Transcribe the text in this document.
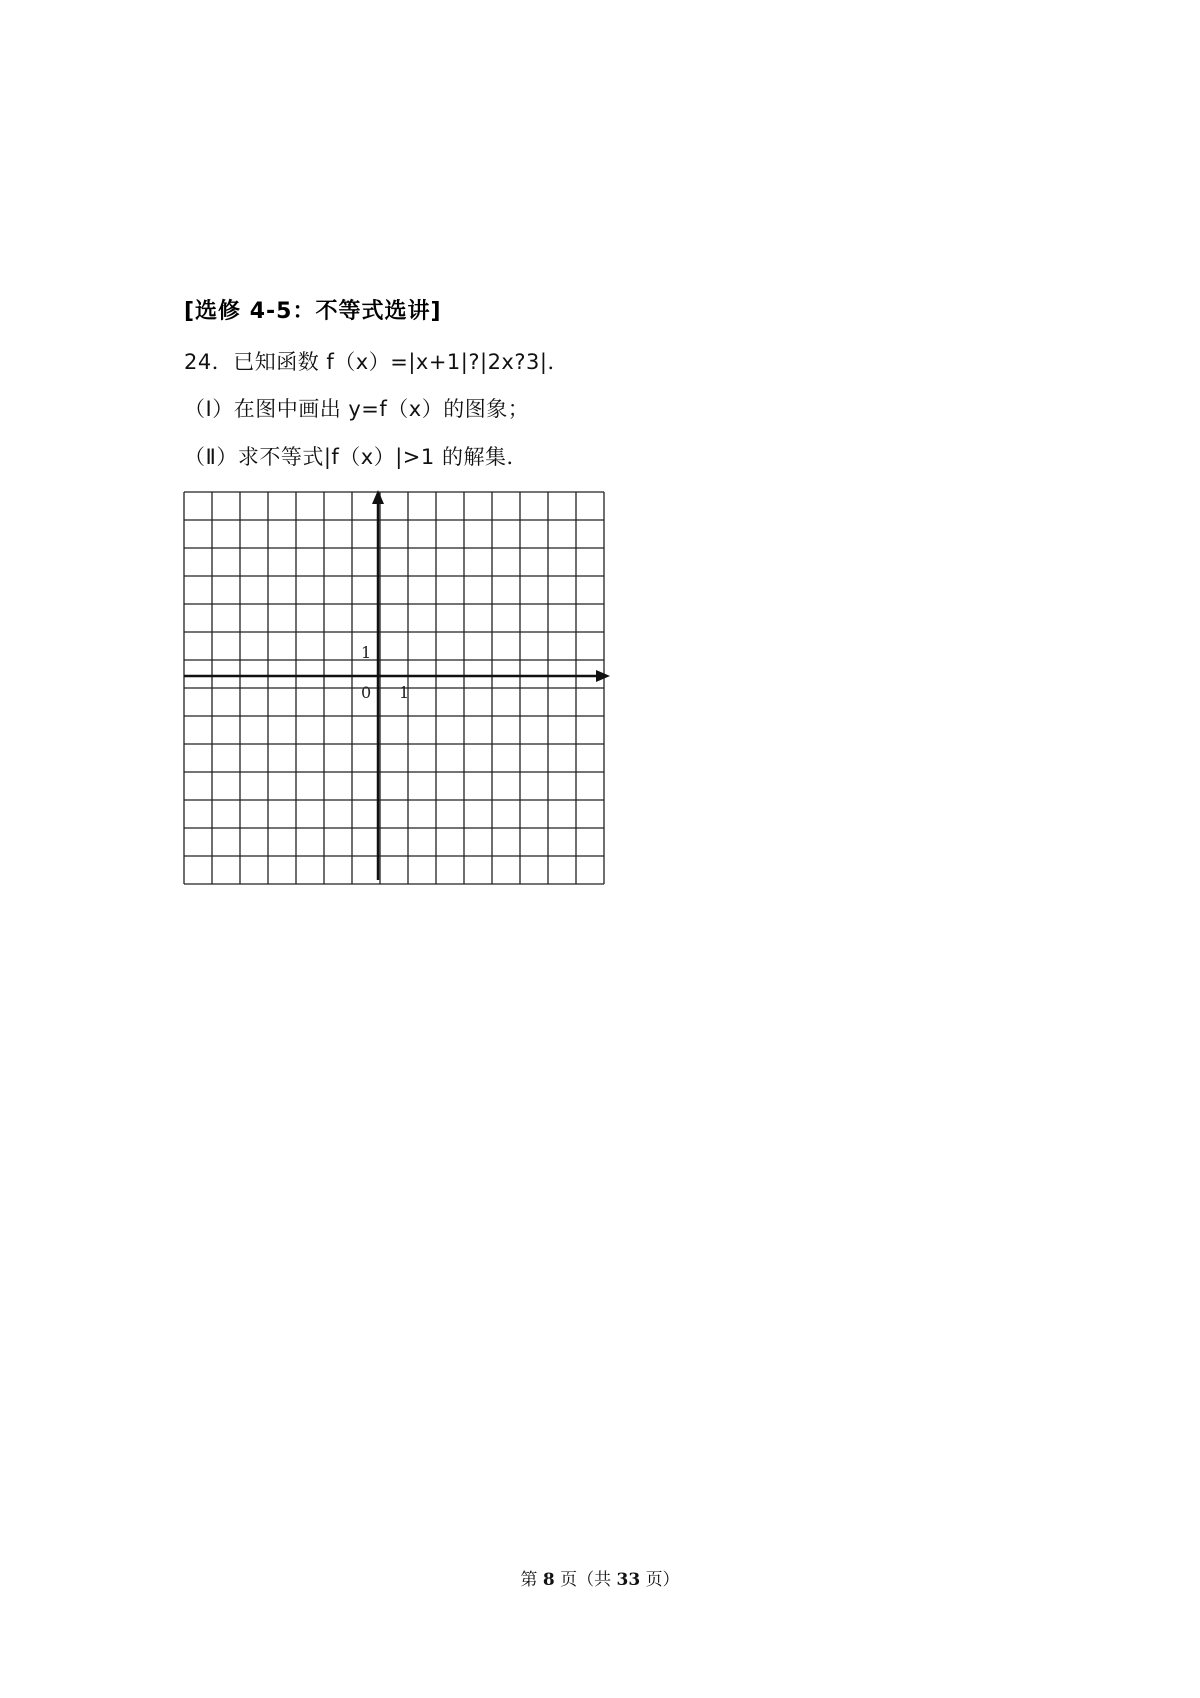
[选修 4-5：不等式选讲]
24．已知函数 f（x）=|x+1|?|2x?3|．
（Ⅰ）在图中画出 y=f（x）的图象；
（Ⅱ）求不等式|f（x）|>1 的解集．
0 1
1
第 8 页（共 33 页）
